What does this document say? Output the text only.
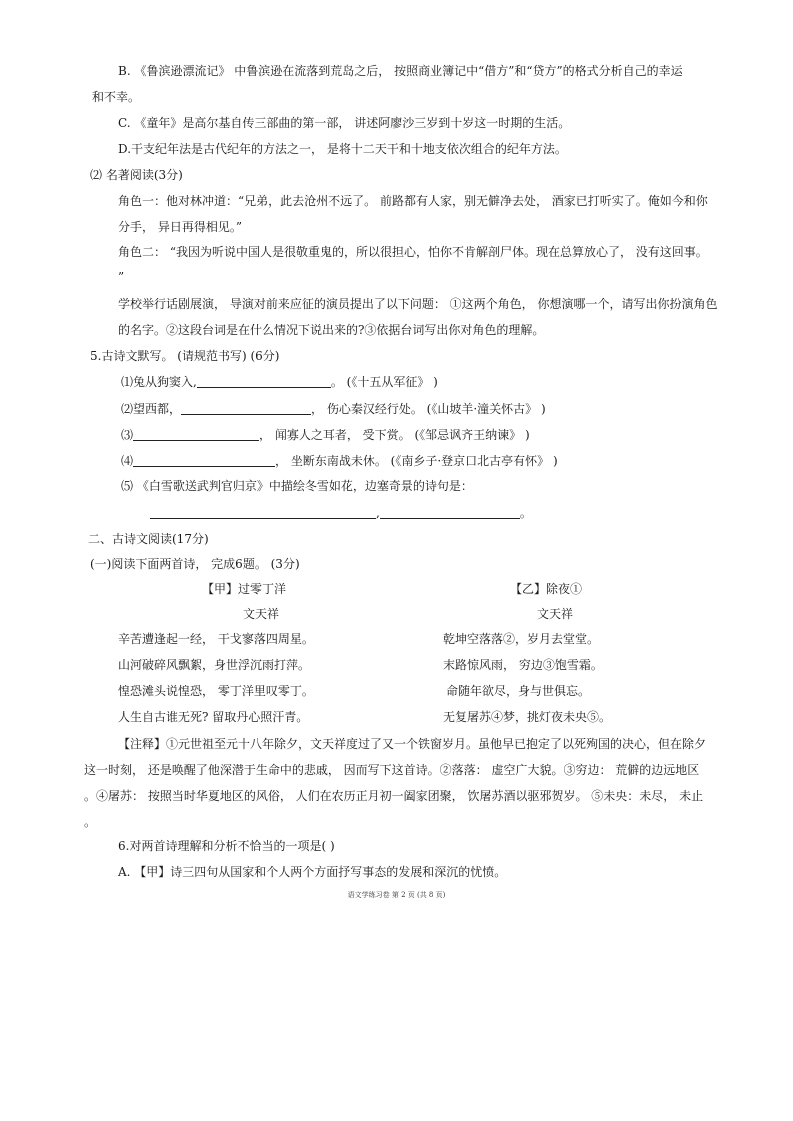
B. 《鲁滨逊漂流记》 中鲁滨逊在流落到荒岛之后， 按照商业簿记中“借方”和“贷方”的格式分析自己的幸运
和不幸。
C. 《童年》是高尔基自传三部曲的第一部， 讲述阿廖沙三岁到十岁这一时期的生活。
D.干支纪年法是古代纪年的方法之一， 是将十二天干和十地支依次组合的纪年方法。
⑵ 名著阅读(3分)
角色一：他对林冲道：“兄弟，此去沧州不远了。 前路都有人家，别无僻净去处， 酒家已打听实了。俺如今和你
分手， 异日再得相见。”
角色二： “我因为听说中国人是很敬重鬼的，所以很担心，怕你不肯解剖尸体。现在总算放心了， 没有这回事。
”
学校举行话剧展演， 导演对前来应征的演员提出了以下问题： ①这两个角色， 你想演哪一个，请写出你扮演角色
的名字。②这段台词是在什么情况下说出来的?③依据台词写出你对角色的理解。
5.古诗文默写。 (请规范书写) (6分)
⑴兔从狗窦入,	。 (《十五从军征》 )
⑵望西都，	， 伤心秦汉经行处。 (《山坡羊·潼关怀古》 )
⑶	， 闻寡人之耳者， 受下赏。 (《邹忌讽齐王纳谏》 )
⑷	， 坐断东南战未休。 (《南乡子·登京口北古亭有怀》 )
⑸ 《白雪歌送武判官归京》中描绘冬雪如花，边塞奇景的诗句是：
,	。
二、古诗文阅读(17分)
(一)阅读下面两首诗， 完成6题。 (3分)
【甲】过零丁洋
文天祥
辛苦遭逢起一经， 干戈寥落四周星。
山河破碎风飘絮，身世浮沉雨打萍。
惶恐滩头说惶恐， 零丁洋里叹零丁。
人生自古谁无死? 留取丹心照汗青。
【乙】除夜①
文天祥
乾坤空落落②，岁月去堂堂。
末路惊风雨， 穷边③饱雪霜。
命随年欲尽，身与世俱忘。
无复屠苏④梦，挑灯夜未央⑤。
【注释】①元世祖至元十八年除夕，文天祥度过了又一个铁窗岁月。虽他早已抱定了以死殉国的决心，但在除夕
这一时刻， 还是唤醒了他深潜于生命中的悲戚， 因而写下这首诗。②落落： 虚空广大貌。③穷边： 荒僻的边远地区
。④屠苏： 按照当时华夏地区的风俗， 人们在农历正月初一阖家团聚， 饮屠苏酒以驱邪贺岁。 ⑤未央：未尽， 未止
。
6.对两首诗理解和分析不恰当的一项是( )
A. 【甲】诗三四句从国家和个人两个方面抒写事态的发展和深沉的忧愤。
语文学练习卷 第 2 页 (共 8 页)
